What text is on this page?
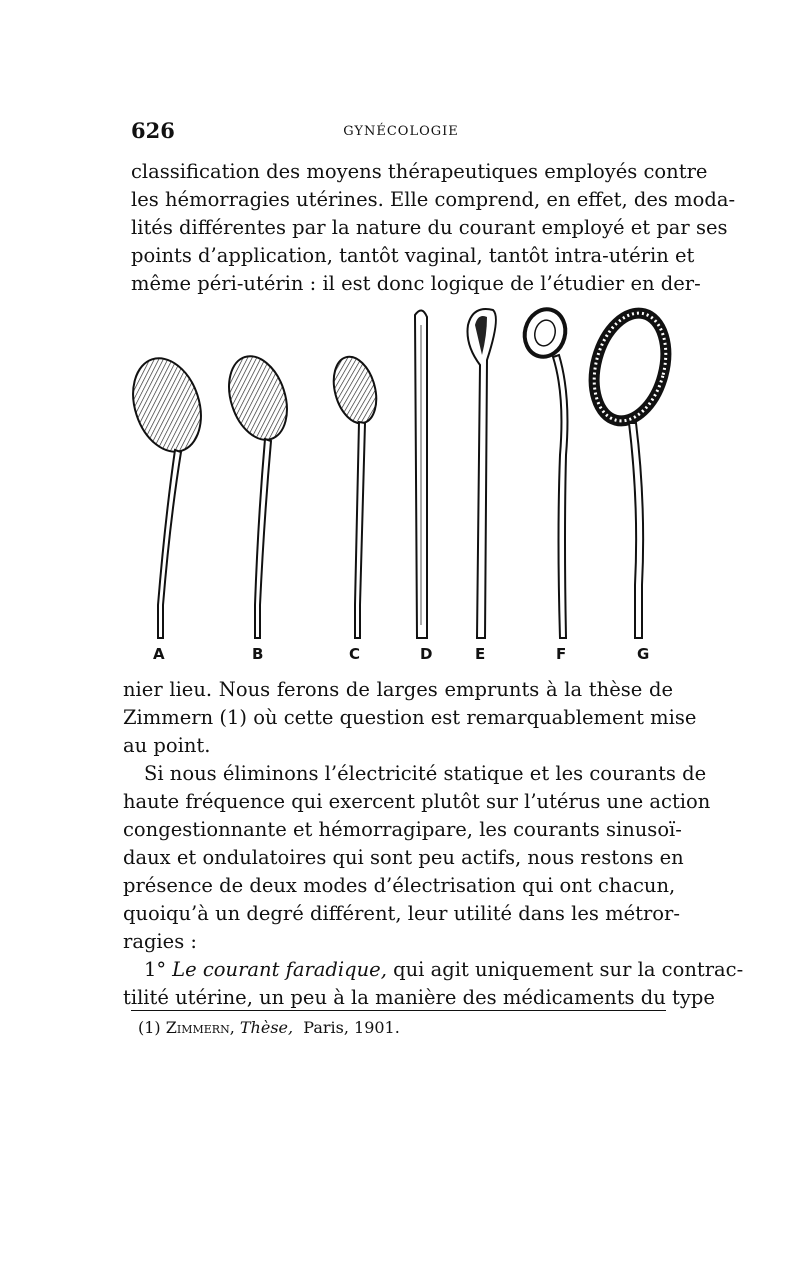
626	GYNÉCOLOGIE
classification des moyens thérapeutiques employés contre
les hémorragies utérines. Elle comprend, en effet, des moda-
lités différentes par la nature du courant employé et par ses
points d’application, tantôt vaginal, tantôt intra-utérin et
même péri-utérin : il est donc logique de l’étudier en der-
A	B	C	D	E	F	G
nier lieu. Nous ferons de larges emprunts à la thèse de
Zimmern (1) où cette question est remarquablement mise
au point.
Si nous éliminons l’électricité statique et les courants de
haute fréquence qui exercent plutôt sur l’utérus une action
congestionnante et hémorragipare, les courants sinusoï-
daux et ondulatoires qui sont peu actifs, nous restons en
présence de deux modes d’électrisation qui ont chacun,
quoiqu’à un degré différent, leur utilité dans les métror-
ragies :
1° Le courant faradique, qui agit uniquement sur la contrac-
tilité utérine, un peu à la manière des médicaments du type
(1) Zimmern, Thèse,  Paris, 1901.
